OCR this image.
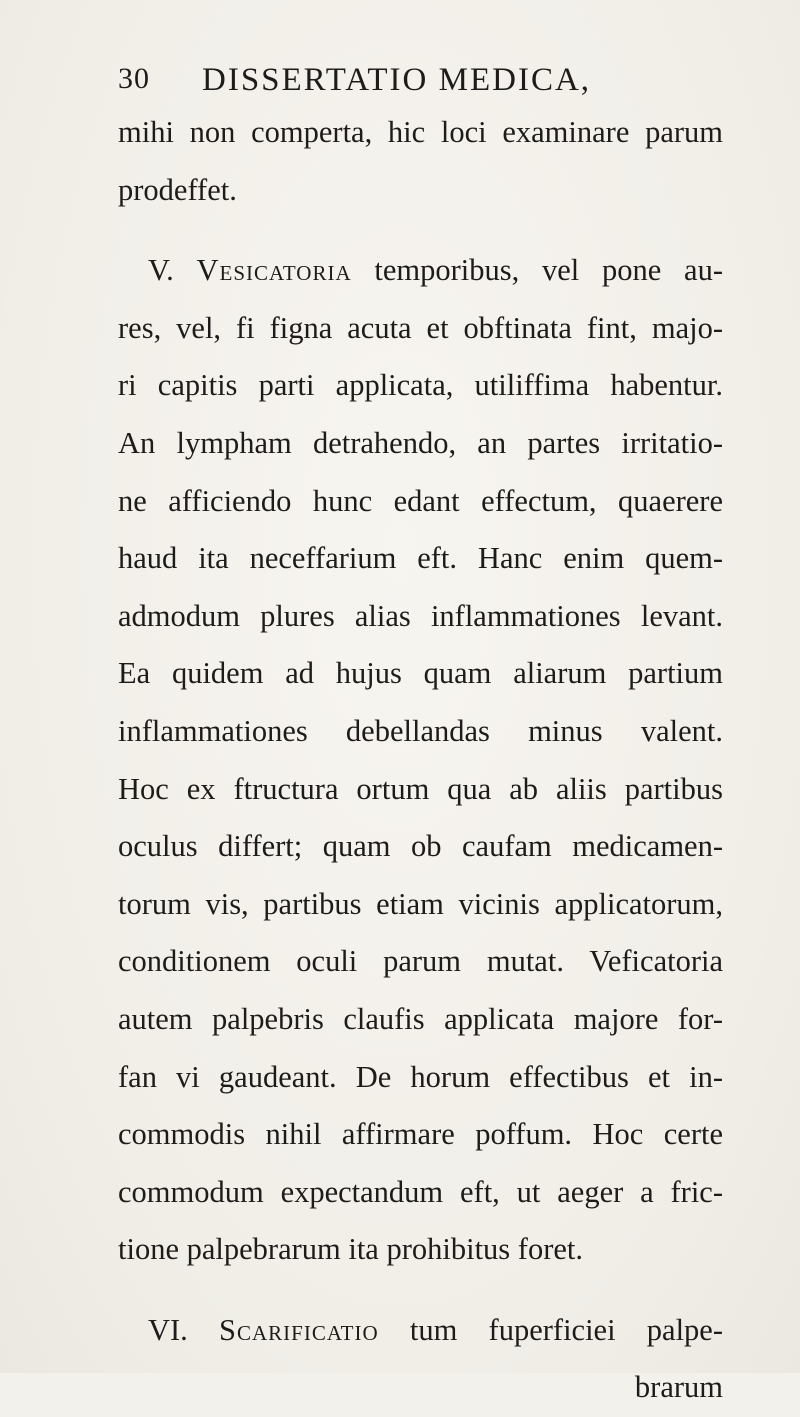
30 DISSERTATIO MEDICA,
mihi non comperta, hic loci examinare parum
prodeffet.
V. Vesicatoria temporibus, vel pone au-
res, vel, fi figna acuta et obftinata fint, majo-
ri capitis parti applicata, utiliffima habentur.
An lympham detrahendo, an partes irritatio-
ne afficiendo hunc edant effectum, quaerere
haud ita neceffarium eft. Hanc enim quem-
admodum plures alias inflammationes levant.
Ea quidem ad hujus quam aliarum partium
inflammationes debellandas minus valent.
Hoc ex ftructura ortum qua ab aliis partibus
oculus differt; quam ob caufam medicamen-
torum vis, partibus etiam vicinis applicatorum,
conditionem oculi parum mutat. Veficatoria
autem palpebris claufis applicata majore for-
fan vi gaudeant. De horum effectibus et in-
commodis nihil affirmare poffum. Hoc certe
commodum expectandum eft, ut aeger a fric-
tione palpebrarum ita prohibitus foret.
VI. Scarificatio tum fuperficiei palpe-
brarum
